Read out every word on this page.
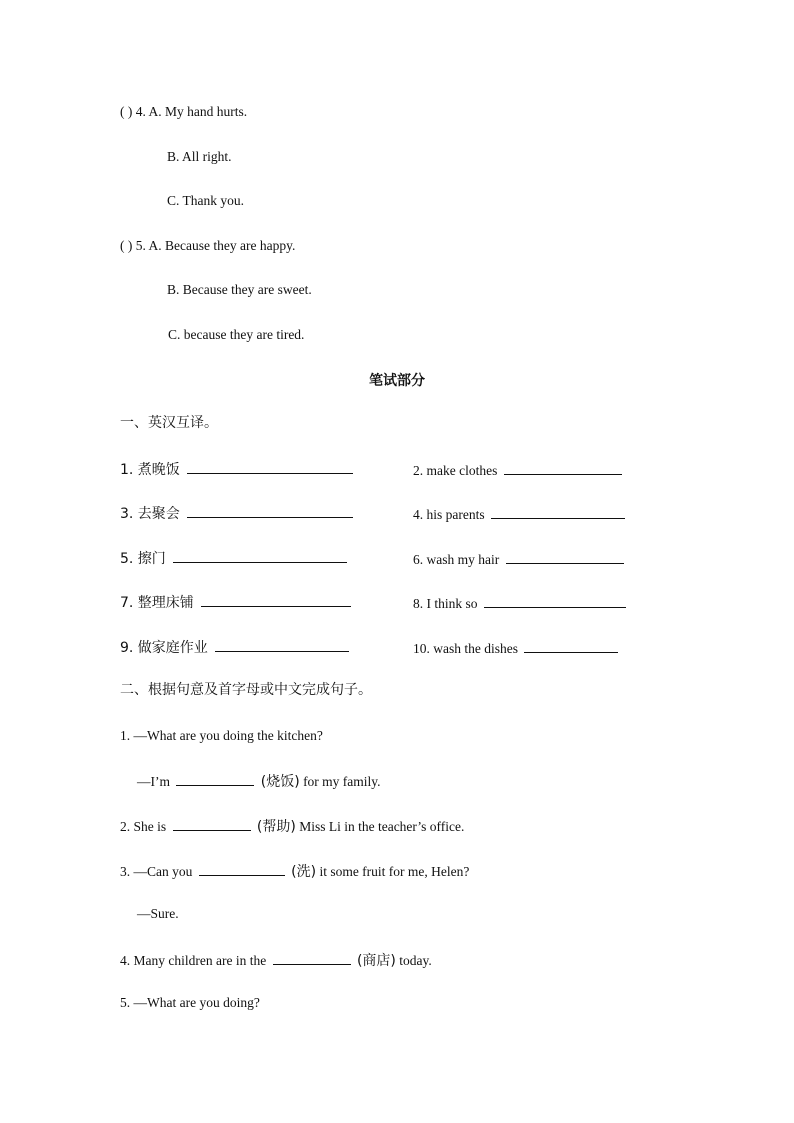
( ) 4. A. My hand hurts.
B. All right.
C. Thank you.
( ) 5. A. Because they are happy.
B. Because they are sweet.
C. because they are tired.
笔试部分
一、英汉互译。
1. 煮晚饭	2. make clothes
3. 去聚会	4. his parents
5. 擦门	6. wash my hair
7. 整理床铺	8. I think so
9. 做家庭作业	10. wash the dishes
二、根据句意及首字母或中文完成句子。
1. —What are you doing the kitchen?
—I’m	(烧饭) for my family.
2. She is	(帮助) Miss Li in the teacher’s office.
3. —Can you	(洗) it some fruit for me, Helen?
—Sure.
4. Many children are in the	(商店) today.
5. —What are you doing?
